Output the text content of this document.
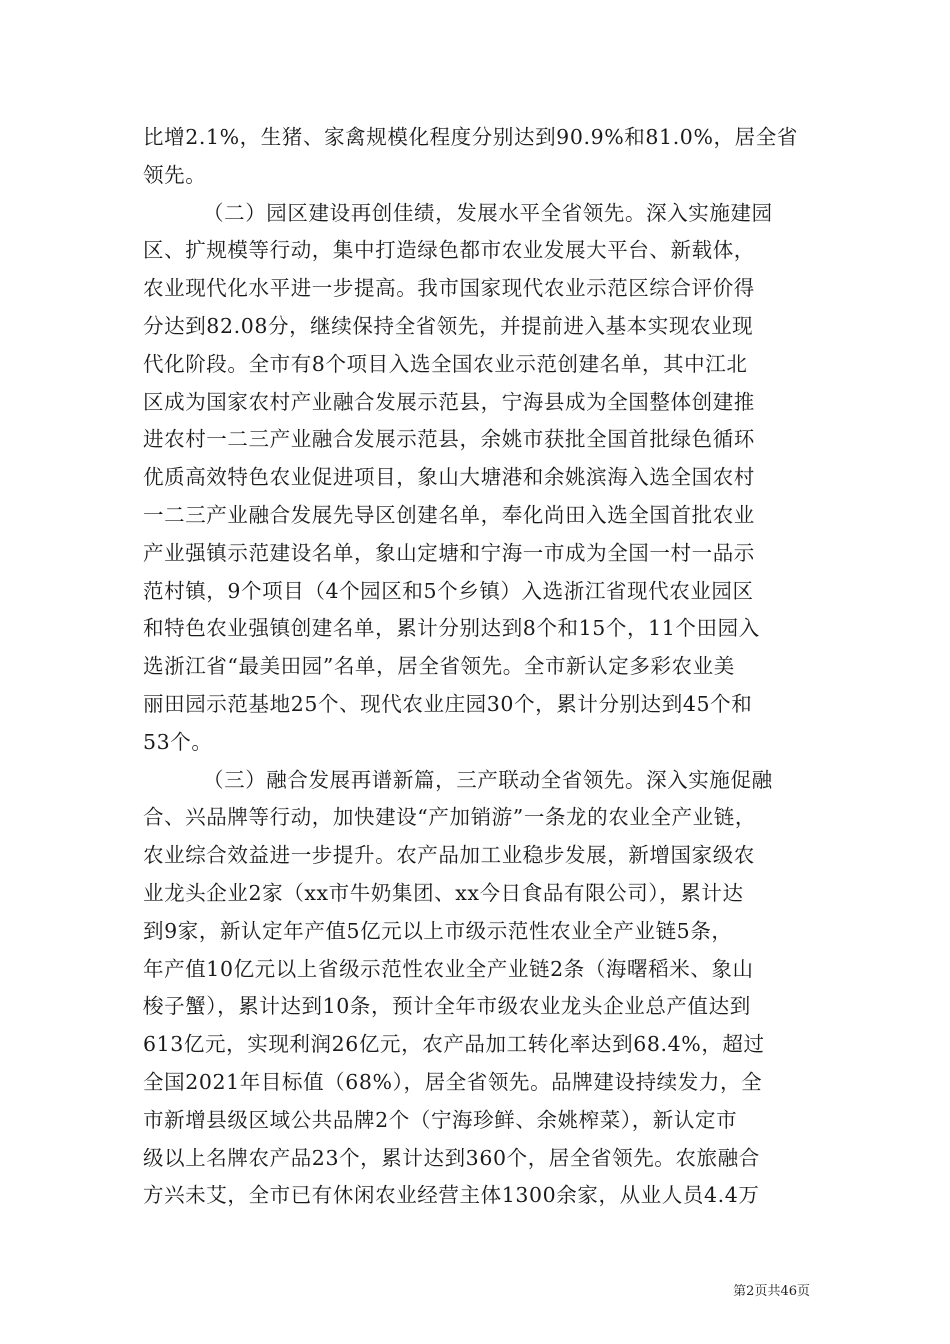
比增2.1%，生猪、家禽规模化程度分别达到90.9%和81.0%，居全省
领先。
（二）园区建设再创佳绩，发展水平全省领先。深入实施建园
区、扩规模等行动，集中打造绿色都市农业发展大平台、新载体，
农业现代化水平进一步提高。我市国家现代农业示范区综合评价得
分达到82.08分，继续保持全省领先，并提前进入基本实现农业现
代化阶段。全市有8个项目入选全国农业示范创建名单，其中江北
区成为国家农村产业融合发展示范县，宁海县成为全国整体创建推
进农村一二三产业融合发展示范县，余姚市获批全国首批绿色循环
优质高效特色农业促进项目，象山大塘港和余姚滨海入选全国农村
一二三产业融合发展先导区创建名单，奉化尚田入选全国首批农业
产业强镇示范建设名单，象山定塘和宁海一市成为全国一村一品示
范村镇，9个项目（4个园区和5个乡镇）入选浙江省现代农业园区
和特色农业强镇创建名单，累计分别达到8个和15个，11个田园入
选浙江省“最美田园”名单，居全省领先。全市新认定多彩农业美
丽田园示范基地25个、现代农业庄园30个，累计分别达到45个和
53个。
（三）融合发展再谱新篇，三产联动全省领先。深入实施促融
合、兴品牌等行动，加快建设“产加销游”一条龙的农业全产业链，
农业综合效益进一步提升。农产品加工业稳步发展，新增国家级农
业龙头企业2家（xx市牛奶集团、xx今日食品有限公司），累计达
到9家，新认定年产值5亿元以上市级示范性农业全产业链5条，
年产值10亿元以上省级示范性农业全产业链2条（海曙稻米、象山
梭子蟹），累计达到10条，预计全年市级农业龙头企业总产值达到
613亿元，实现利润26亿元，农产品加工转化率达到68.4%，超过
全国2021年目标值（68%），居全省领先。品牌建设持续发力，全
市新增县级区域公共品牌2个（宁海珍鲜、余姚榨菜），新认定市
级以上名牌农产品23个，累计达到360个，居全省领先。农旅融合
方兴未艾，全市已有休闲农业经营主体1300余家，从业人员4.4万
第2页共46页
